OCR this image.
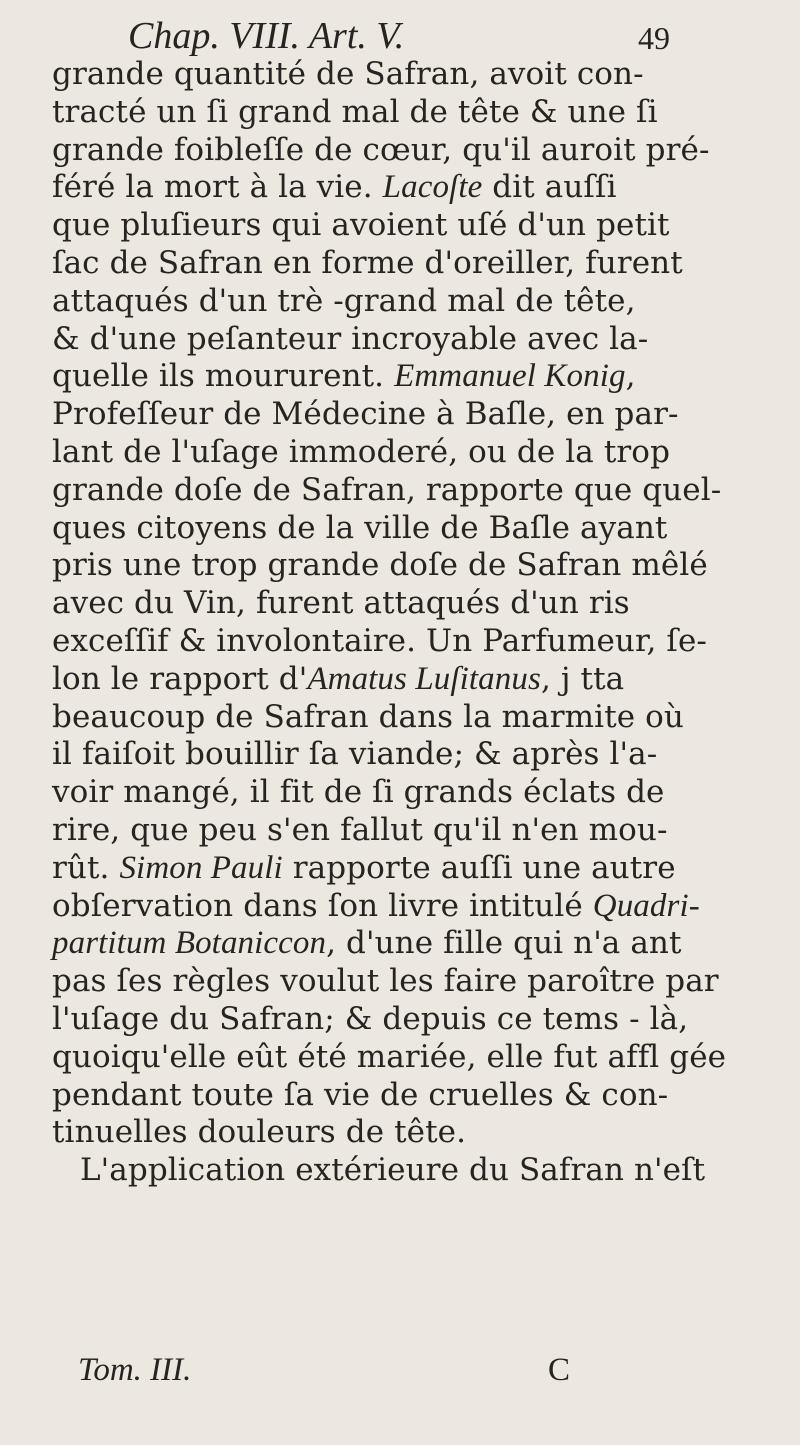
Chap. VIII. Art. V.	49
grande quantité de Safran, avoit con-
tracté un ſi grand mal de tête & une ſi
grande foibleſſe de cœur, qu'il auroit pré-
féré la mort à la vie. Lacoſte dit auſſi
que pluſieurs qui avoient uſé d'un petit
ſac de Safran en forme d'oreiller, furent
attaqués d'un trè -grand mal de tête,
& d'une peſanteur incroyable avec la-
quelle ils moururent. Emmanuel Konig,
Profeſſeur de Médecine à Baſle, en par-
lant de l'uſage immoderé, ou de la trop
grande doſe de Safran, rapporte que quel-
ques citoyens de la ville de Baſle ayant
pris une trop grande doſe de Safran mêlé
avec du Vin, furent attaqués d'un ris
exceſſif & involontaire. Un Parfumeur, ſe-
lon le rapport d'Amatus Luſitanus, j tta
beaucoup de Safran dans la marmite où
il faiſoit bouillir ſa viande; & après l'a-
voir mangé, il fit de ſi grands éclats de
rire, que peu s'en fallut qu'il n'en mou-
rût. Simon Pauli rapporte auſſi une autre
obſervation dans ſon livre intitulé Quadri-
partitum Botaniccon, d'une fille qui n'a ant
pas ſes règles voulut les faire paroître par
l'uſage du Safran; & depuis ce tems - là,
quoiqu'elle eût été mariée, elle fut affl gée
pendant toute ſa vie de cruelles & con-
tinuelles douleurs de tête.
L'application extérieure du Safran n'eſt
Tom. III.	C
